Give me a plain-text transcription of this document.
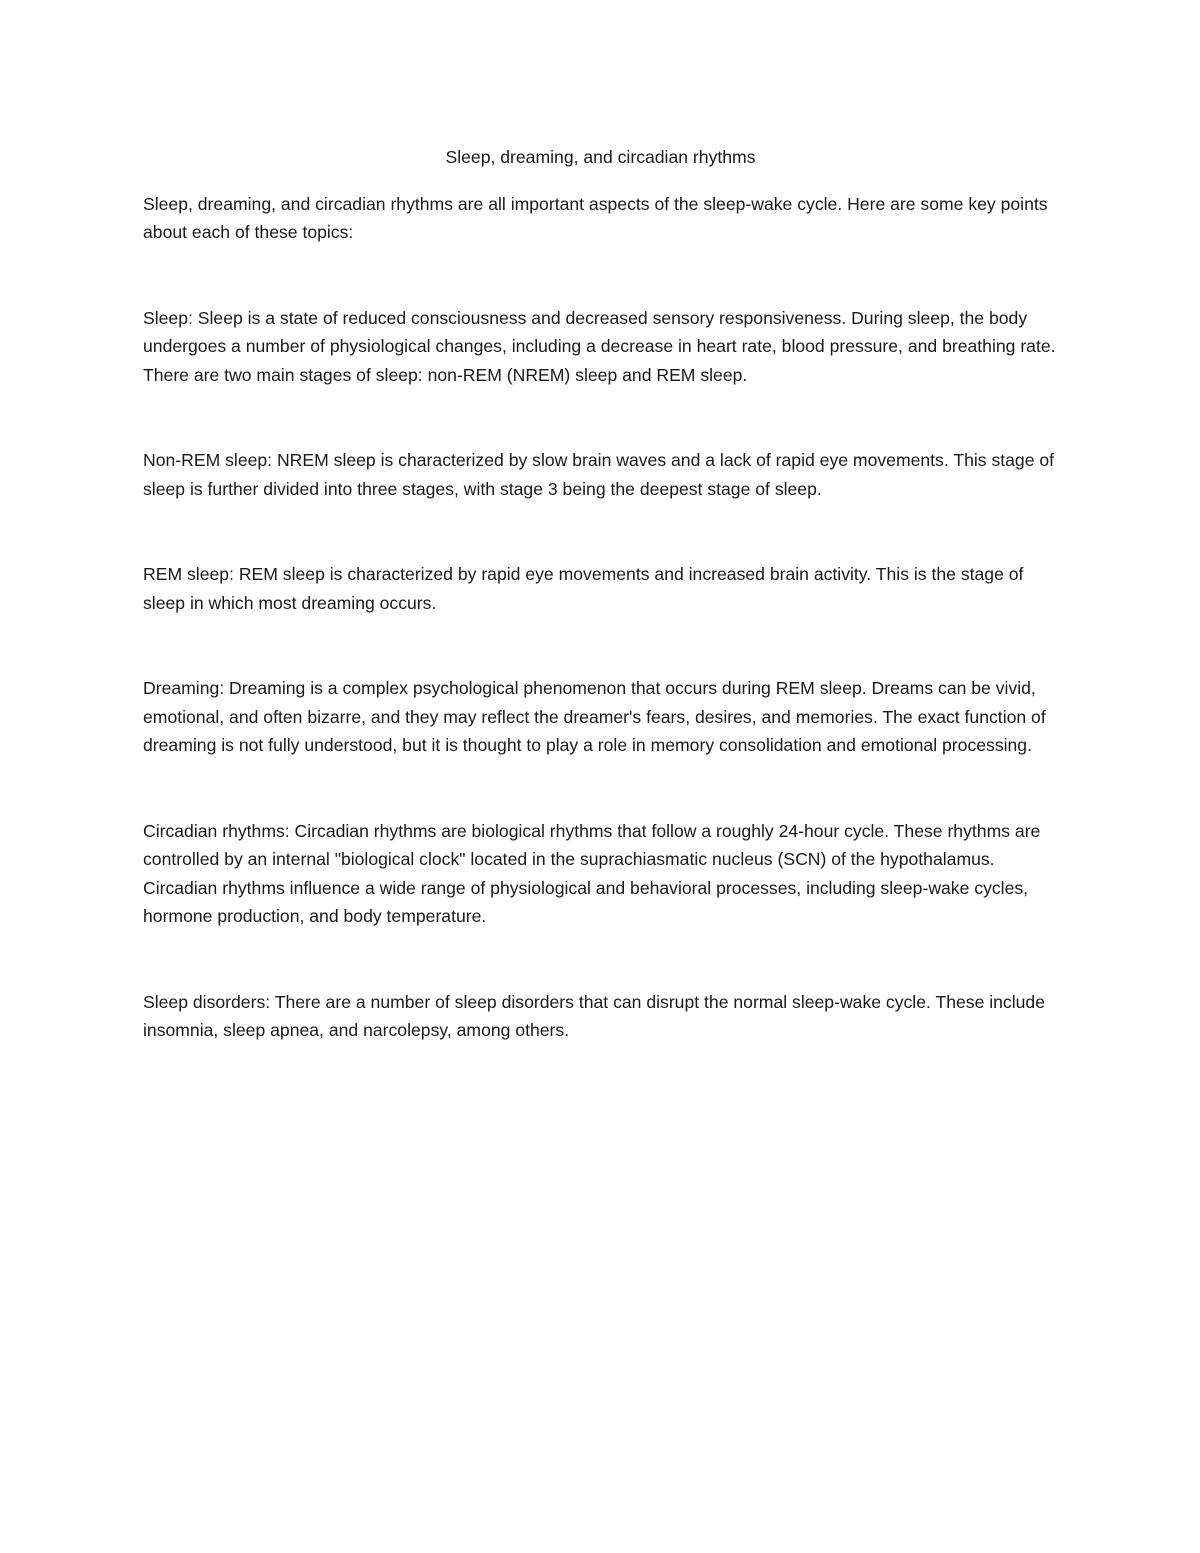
Sleep, dreaming, and circadian rhythms

Sleep, dreaming, and circadian rhythms are all important aspects of the sleep-wake cycle. Here are some key points about each of these topics:

Sleep: Sleep is a state of reduced consciousness and decreased sensory responsiveness. During sleep, the body undergoes a number of physiological changes, including a decrease in heart rate, blood pressure, and breathing rate. There are two main stages of sleep: non-REM (NREM) sleep and REM sleep.

Non-REM sleep: NREM sleep is characterized by slow brain waves and a lack of rapid eye movements. This stage of sleep is further divided into three stages, with stage 3 being the deepest stage of sleep.

REM sleep: REM sleep is characterized by rapid eye movements and increased brain activity. This is the stage of sleep in which most dreaming occurs.

Dreaming: Dreaming is a complex psychological phenomenon that occurs during REM sleep. Dreams can be vivid, emotional, and often bizarre, and they may reflect the dreamer's fears, desires, and memories. The exact function of dreaming is not fully understood, but it is thought to play a role in memory consolidation and emotional processing.

Circadian rhythms: Circadian rhythms are biological rhythms that follow a roughly 24-hour cycle. These rhythms are controlled by an internal "biological clock" located in the suprachiasmatic nucleus (SCN) of the hypothalamus. Circadian rhythms influence a wide range of physiological and behavioral processes, including sleep-wake cycles, hormone production, and body temperature.

Sleep disorders: There are a number of sleep disorders that can disrupt the normal sleep-wake cycle. These include insomnia, sleep apnea, and narcolepsy, among others.
